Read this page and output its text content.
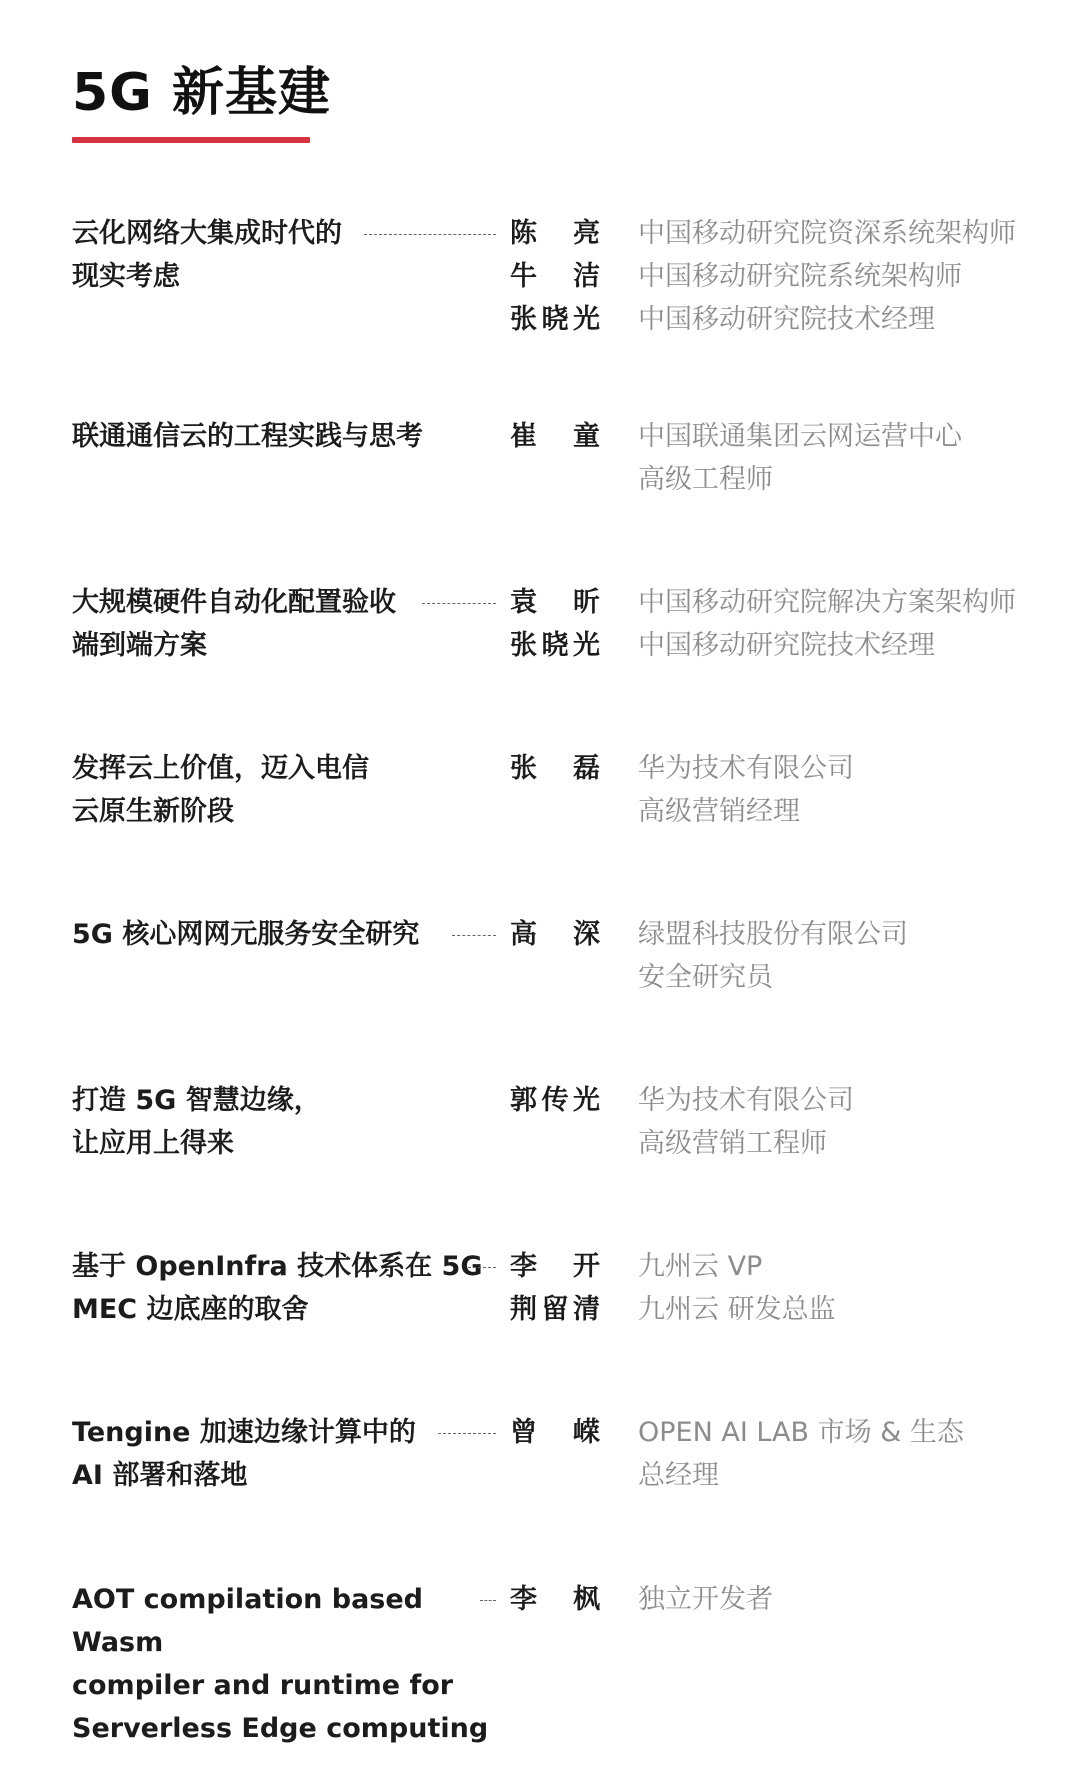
5G 新基建
云化网络大集成时代的
现实考虑
陈 亮
牛 洁
张晓光
中国移动研究院资深系统架构师
中国移动研究院系统架构师
中国移动研究院技术经理
联通通信云的工程实践与思考	崔 童 中国联通集团云网运营中心
高级工程师
大规模硬件自动化配置验收
端到端方案
袁 昕
张晓光
中国移动研究院解决方案架构师
中国移动研究院技术经理
发挥云上价值，迈入电信
云原生新阶段
张 磊 华为技术有限公司
高级营销经理
5G 核心网网元服务安全研究	高 深 绿盟科技股份有限公司
安全研究员
打造 5G 智慧边缘，
让应用上得来
郭传光 华为技术有限公司
高级营销工程师
基于 OpenInfra 技术体系在 5G
MEC 边底座的取舍
李 开
荆留清
九州云 VP
九州云 研发总监
Tengine 加速边缘计算中的
AI 部署和落地
曾 嵘 OPEN AI LAB 市场 & 生态
总经理
AOT compilation based Wasm
compiler and runtime for
Serverless Edge computing
李 枫 独立开发者
